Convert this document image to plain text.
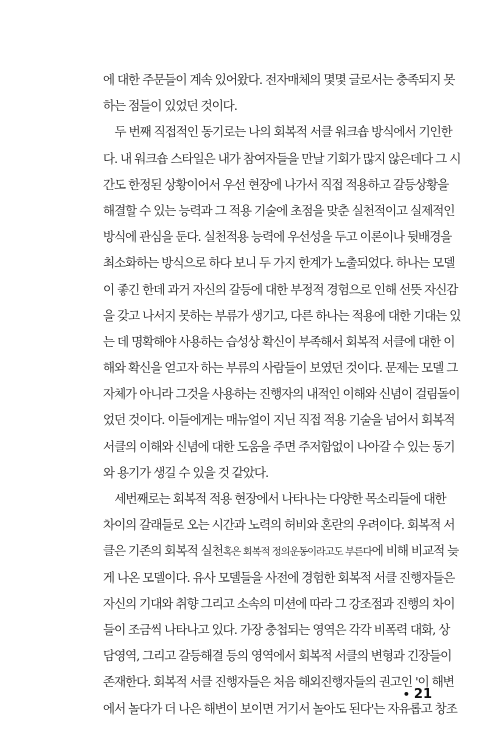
에 대한 주문들이 계속 있어왔다. 전자매체의 몇몇 글로서는 충족되지 못
하는 점들이 있었던 것이다.
　두 번째 직접적인 동기로는 나의 회복적 서클 워크숍 방식에서 기인한
다. 내 워크숍 스타일은 내가 참여자들을 만날 기회가 많지 않은데다 그 시
간도 한정된 상황이어서 우선 현장에 나가서 직접 적용하고 갈등상황을
해결할 수 있는 능력과 그 적용 기술에 초점을 맞춘 실천적이고 실제적인
방식에 관심을 둔다. 실천적용 능력에 우선성을 두고 이론이나 뒷배경을
최소화하는 방식으로 하다 보니 두 가지 한계가 노출되었다. 하나는 모델
이 좋긴 한데 과거 자신의 갈등에 대한 부정적 경험으로 인해 선뜻 자신감
을 갖고 나서지 못하는 부류가 생기고, 다른 하나는 적용에 대한 기대는 있
는 데 명확해야 사용하는 습성상 확신이 부족해서 회복적 서클에 대한 이
해와 확신을 얻고자 하는 부류의 사람들이 보였던 것이다. 문제는 모델 그
자체가 아니라 그것을 사용하는 진행자의 내적인 이해와 신념이 걸림돌이
었던 것이다. 이들에게는 매뉴얼이 지닌 직접 적용 기술을 넘어서 회복적
서클의 이해와 신념에 대한 도움을 주면 주저함없이 나아갈 수 있는 동기
와 용기가 생길 수 있을 것 같았다.
　세번째로는 회복적 적용 현장에서 나타나는 다양한 목소리들에 대한
차이의 갈래들로 오는 시간과 노력의 허비와 혼란의 우려이다. 회복적 서
클은 기존의 회복적 실천혹은 회복적 정의운동이라고도 부른다에 비해 비교적 늦
게 나온 모델이다. 유사 모델들을 사전에 경험한 회복적 서클 진행자들은
자신의 기대와 취향 그리고 소속의 미션에 따라 그 강조점과 진행의 차이
들이 조금씩 나타나고 있다. 가장 충첩되는 영역은 각각 비폭력 대화, 상
담영역, 그리고 갈등해결 등의 영역에서 회복적 서클의 변형과 긴장들이
존재한다. 회복적 서클 진행자들은 처음 해외진행자들의 권고인 '이 해변
에서 놀다가 더 나은 해변이 보이면 거기서 놀아도 된다'는 자유롭고 창조
• 21
